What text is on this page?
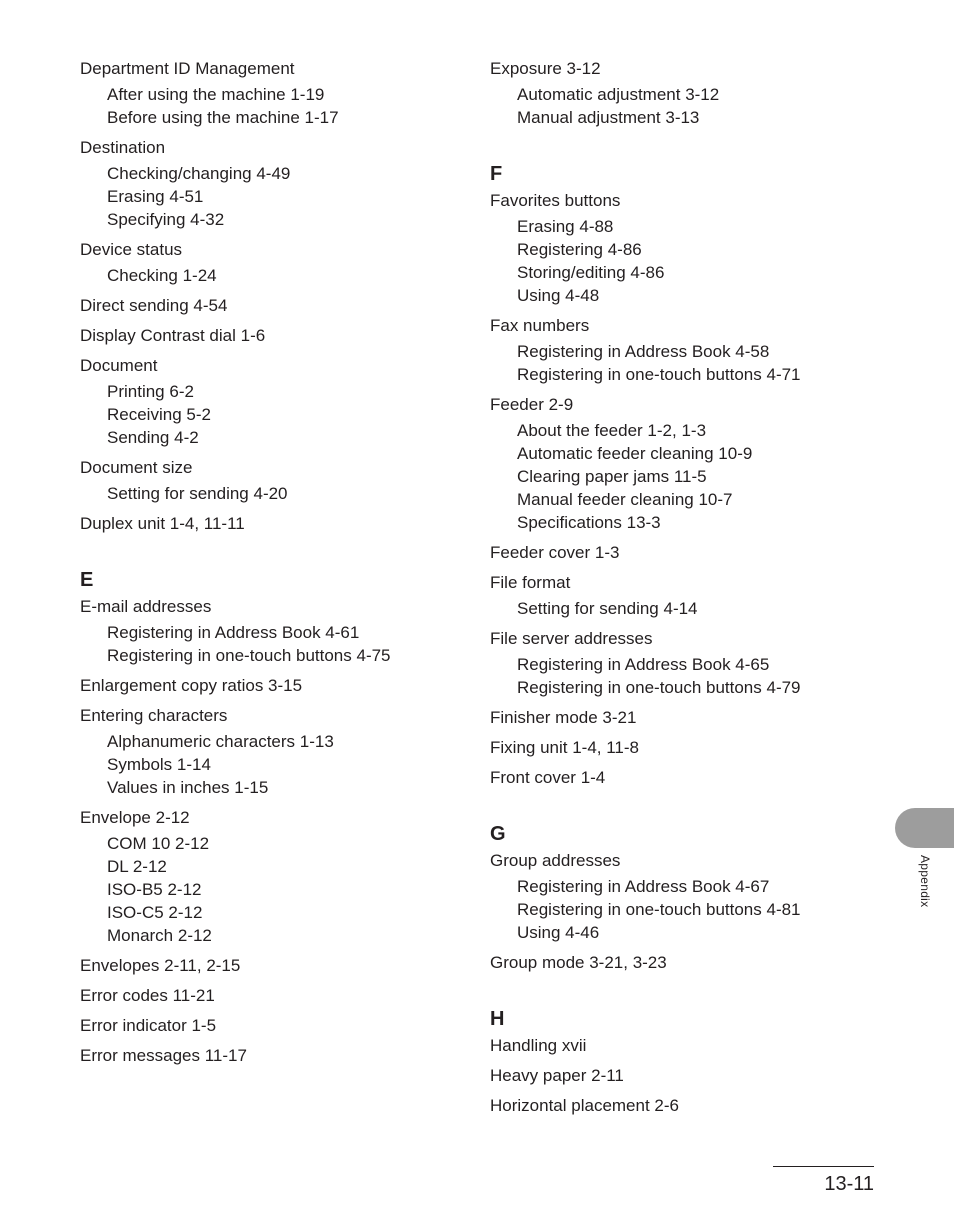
Department ID Management
After using the machine 1-19
Before using the machine 1-17
Destination
Checking/changing 4-49
Erasing 4-51
Specifying 4-32
Device status
Checking 1-24
Direct sending 4-54
Display Contrast dial 1-6
Document
Printing 6-2
Receiving 5-2
Sending 4-2
Document size
Setting for sending 4-20
Duplex unit 1-4, 11-11
E
E-mail addresses
Registering in Address Book 4-61
Registering in one-touch buttons 4-75
Enlargement copy ratios 3-15
Entering characters
Alphanumeric characters 1-13
Symbols 1-14
Values in inches 1-15
Envelope 2-12
COM 10 2-12
DL 2-12
ISO-B5 2-12
ISO-C5 2-12
Monarch 2-12
Envelopes 2-11, 2-15
Error codes 11-21
Error indicator 1-5
Error messages 11-17
Exposure 3-12
Automatic adjustment 3-12
Manual adjustment 3-13
F
Favorites buttons
Erasing 4-88
Registering 4-86
Storing/editing 4-86
Using 4-48
Fax numbers
Registering in Address Book 4-58
Registering in one-touch buttons 4-71
Feeder 2-9
About the feeder 1-2, 1-3
Automatic feeder cleaning 10-9
Clearing paper jams 11-5
Manual feeder cleaning 10-7
Specifications 13-3
Feeder cover 1-3
File format
Setting for sending 4-14
File server addresses
Registering in Address Book 4-65
Registering in one-touch buttons 4-79
Finisher mode 3-21
Fixing unit 1-4, 11-8
Front cover 1-4
G
Group addresses
Registering in Address Book 4-67
Registering in one-touch buttons 4-81
Using 4-46
Group mode 3-21, 3-23
H
Handling xvii
Heavy paper 2-11
Horizontal placement 2-6
Appendix
13-11
